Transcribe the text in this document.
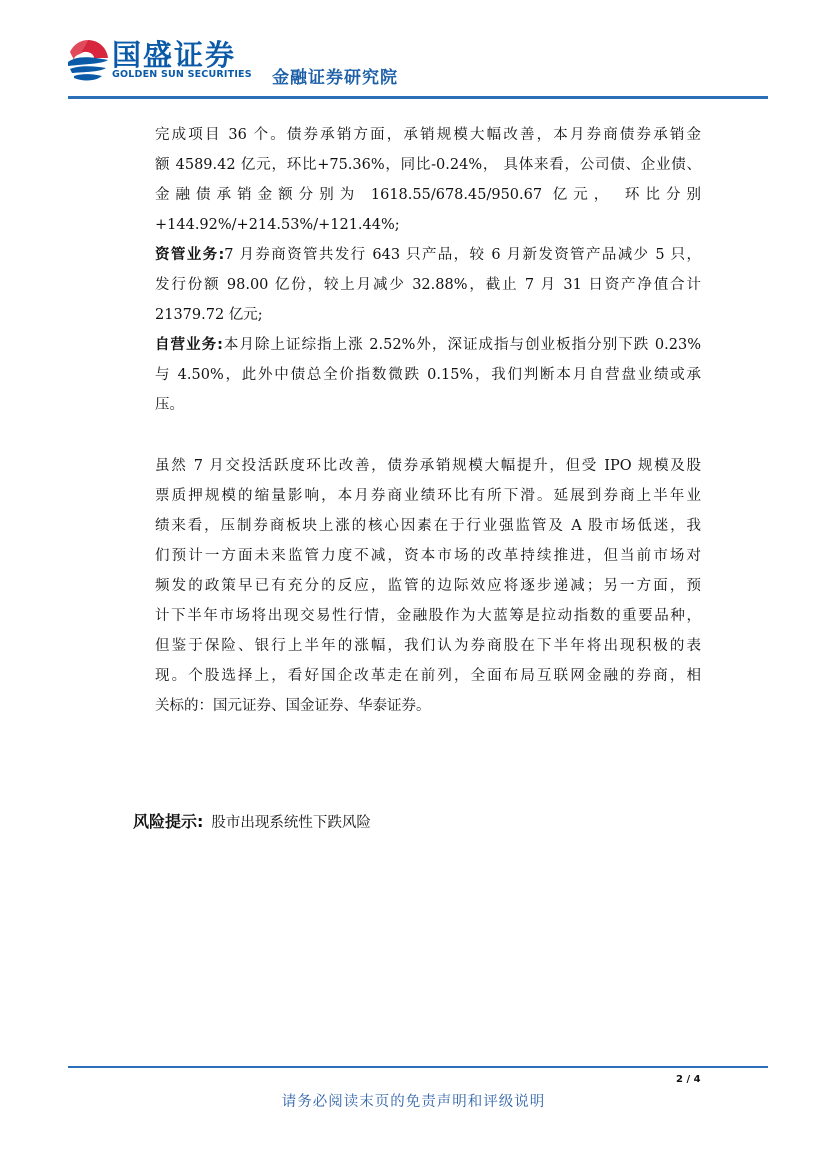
国盛证券
GOLDEN SUN SECURITIES 金融证券研究院
完成项目 36 个。债券承销方面，承销规模大幅改善，本月券商债券承销金
额 4589.42 亿元，环比+75.36%，同比-0.24%， 具体来看，公司债、企业债、
金融债承销金额分别为 1618.55/678.45/950.67 亿元， 环比分别
+144.92%/+214.53%/+121.44%;
资管业务:7 月券商资管共发行 643 只产品，较 6 月新发资管产品减少 5 只，
发行份额 98.00 亿份，较上月减少 32.88%，截止 7 月 31 日资产净值合计
21379.72 亿元;
自营业务:本月除上证综指上涨 2.52%外，深证成指与创业板指分别下跌 0.23%
与 4.50%，此外中债总全价指数微跌 0.15%，我们判断本月自营盘业绩或承
压。
虽然 7 月交投活跃度环比改善，债券承销规模大幅提升，但受 IPO 规模及股
票质押规模的缩量影响，本月券商业绩环比有所下滑。延展到券商上半年业
绩来看，压制券商板块上涨的核心因素在于行业强监管及 A 股市场低迷，我
们预计一方面未来监管力度不减，资本市场的改革持续推进，但当前市场对
频发的政策早已有充分的反应，监管的边际效应将逐步递减；另一方面，预
计下半年市场将出现交易性行情，金融股作为大蓝筹是拉动指数的重要品种，
但鉴于保险、银行上半年的涨幅，我们认为券商股在下半年将出现积极的表
现。个股选择上，看好国企改革走在前列，全面布局互联网金融的券商，相
关标的：国元证券、国金证券、华泰证券。
风险提示: 股市出现系统性下跌风险
2 / 4
请务必阅读末页的免责声明和评级说明
